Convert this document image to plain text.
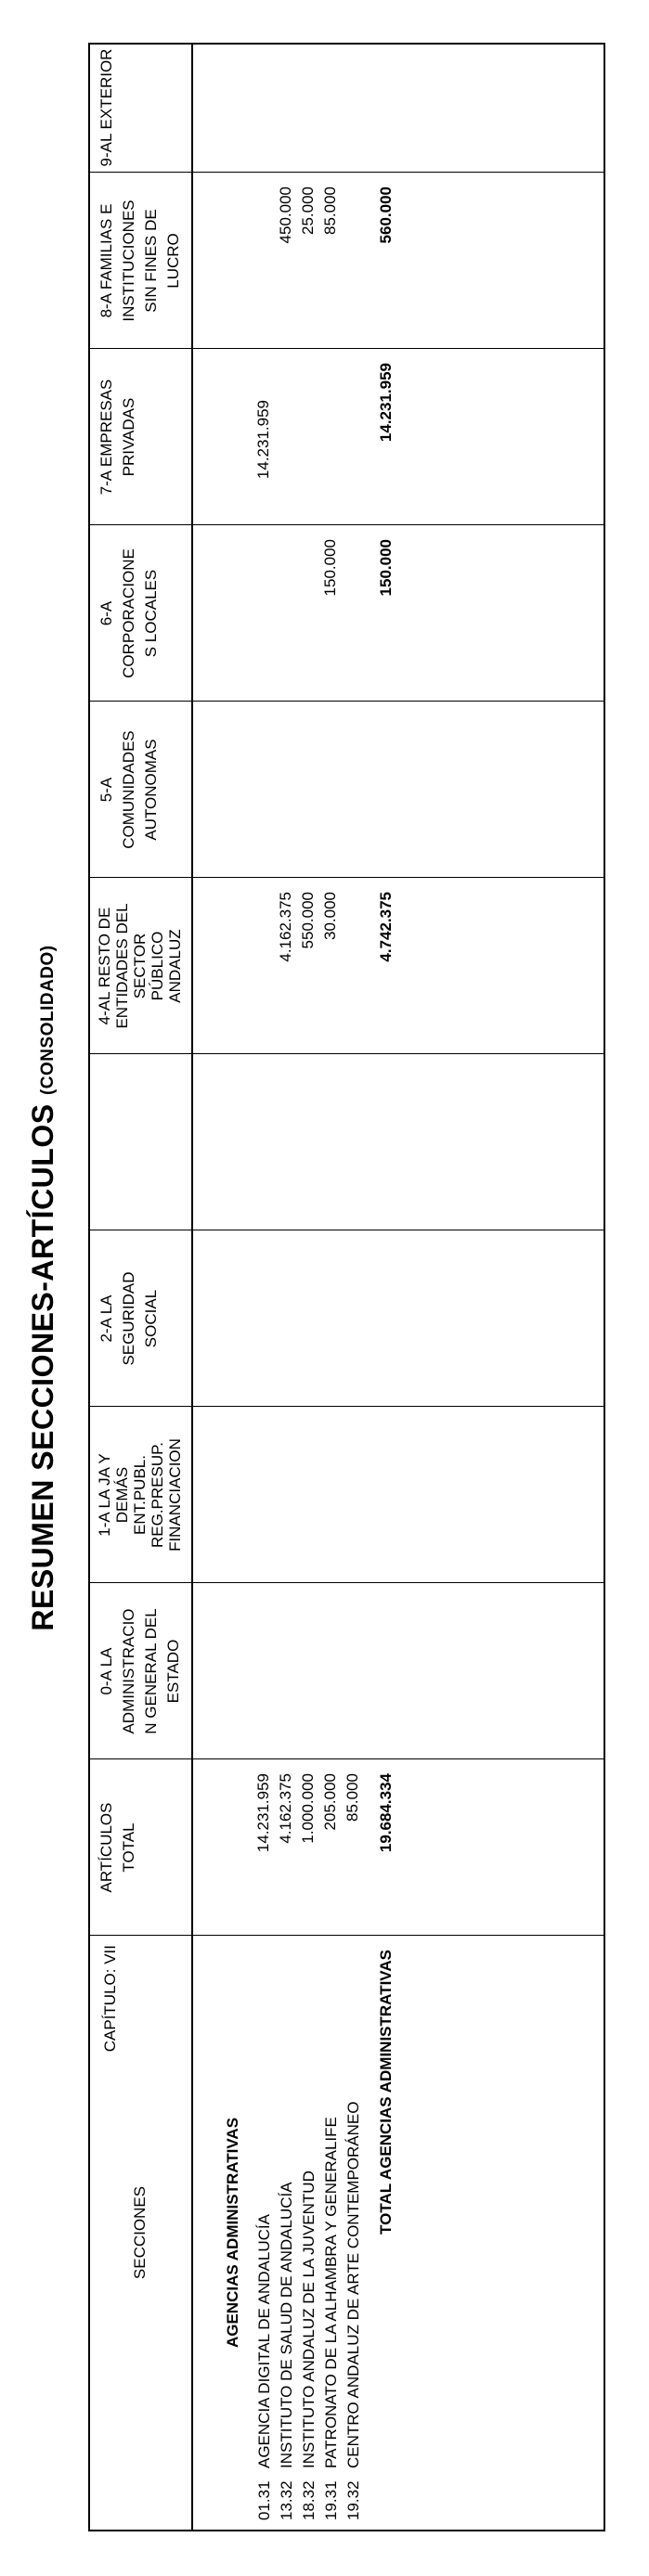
RESUMEN SECCIONES-ARTÍCULOS (CONSOLIDADO)
CAPÍTULO: VII
SECCIONES
ARTÍCULOS TOTAL
0-A LA ADMINISTRACIO N GENERAL DEL ESTADO
1-A LA JA Y DEMÁS ENT.PUBL. REG.PRESUP. FINANCIACION
2-A LA SEGURIDAD SOCIAL
4-AL RESTO DE ENTIDADES DEL SECTOR PÚBLICO ANDALUZ
5-A COMUNIDADES AUTONOMAS
6-A CORPORACIONE S LOCALES
7-A EMPRESAS PRIVADAS
8-A FAMILIAS E INSTITUCIONES SIN FINES DE LUCRO
9-AL EXTERIOR
AGENCIAS ADMINISTRATIVAS
01.31
AGENCIA DIGITAL DE ANDALUCÍA
14.231.959
14.231.959
13.32
INSTITUTO DE SALUD DE ANDALUCÍA
4.162.375
4.162.375
18.32
INSTITUTO ANDALUZ DE LA JUVENTUD
1.000.000
550.000
450.000
19.31
PATRONATO DE LA ALHAMBRA Y GENERALIFE
205.000
30.000
150.000
25.000
19.32
CENTRO ANDALUZ DE ARTE CONTEMPORÁNEO
85.000
85.000
TOTAL AGENCIAS ADMINISTRATIVAS
19.684.334
4.742.375
150.000
14.231.959
560.000
